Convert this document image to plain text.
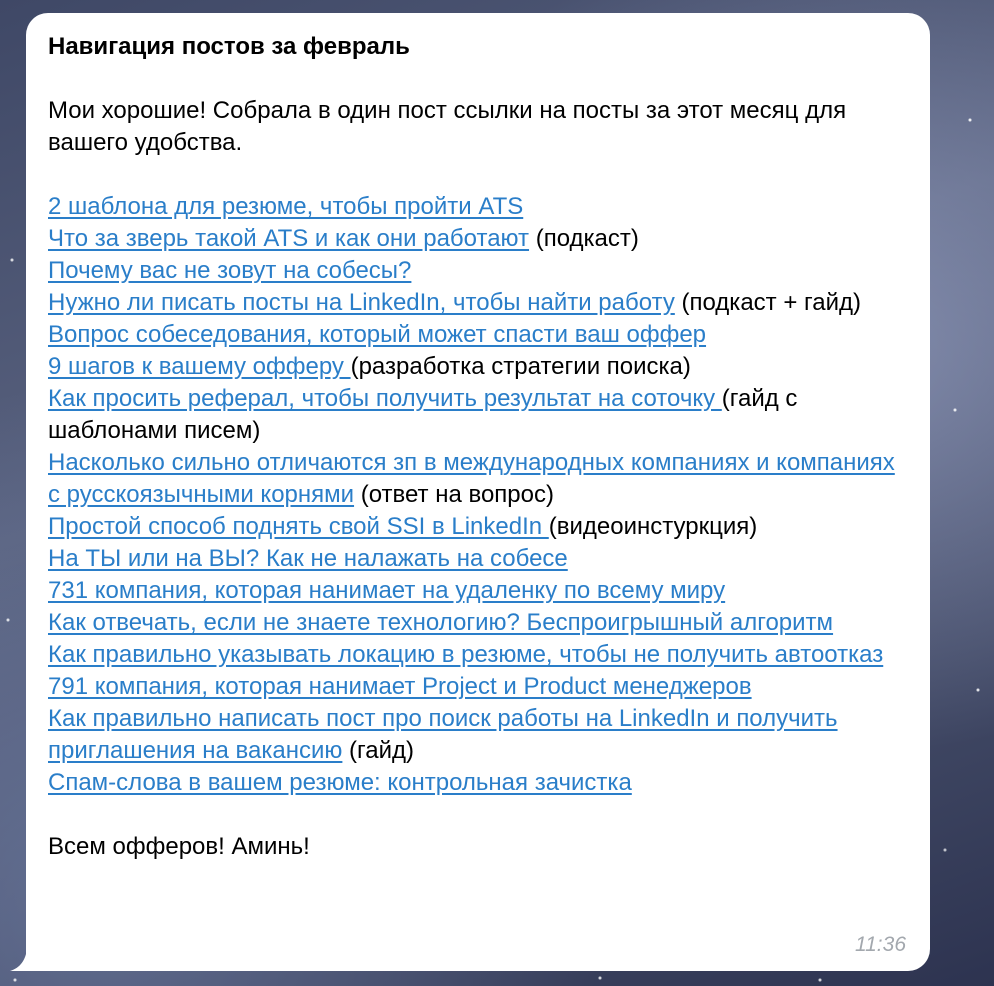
Навигация постов за февраль

Мои хорошие! Собрала в один пост ссылки на посты за этот месяц для вашего удобства.

2 шаблона для резюме, чтобы пройти ATS
Что за зверь такой ATS и как они работают (подкаст)
Почему вас не зовут на собесы?
Нужно ли писать посты на LinkedIn, чтобы найти работу (подкаст + гайд)
Вопрос собеседования, который может спасти ваш оффер
9 шагов к вашему офферу (разработка стратегии поиска)
Как просить реферал, чтобы получить результат на соточку (гайд с шаблонами писем)
Насколько сильно отличаются зп в международных компаниях и компаниях с русскоязычными корнями (ответ на вопрос)
Простой способ поднять свой SSI в LinkedIn (видеоинстуркция)
На ТЫ или на ВЫ? Как не налажать на собесе
731 компания, которая нанимает на удаленку по всему миру
Как отвечать, если не знаете технологию? Беспроигрышный алгоритм
Как правильно указывать локацию в резюме, чтобы не получить автоотказ
791 компания, которая нанимает Project и Product менеджеров
Как правильно написать пост про поиск работы на LinkedIn и получить приглашения на вакансию (гайд)
Спам-слова в вашем резюме: контрольная зачистка

Всем офферов! Аминь!

11:36
